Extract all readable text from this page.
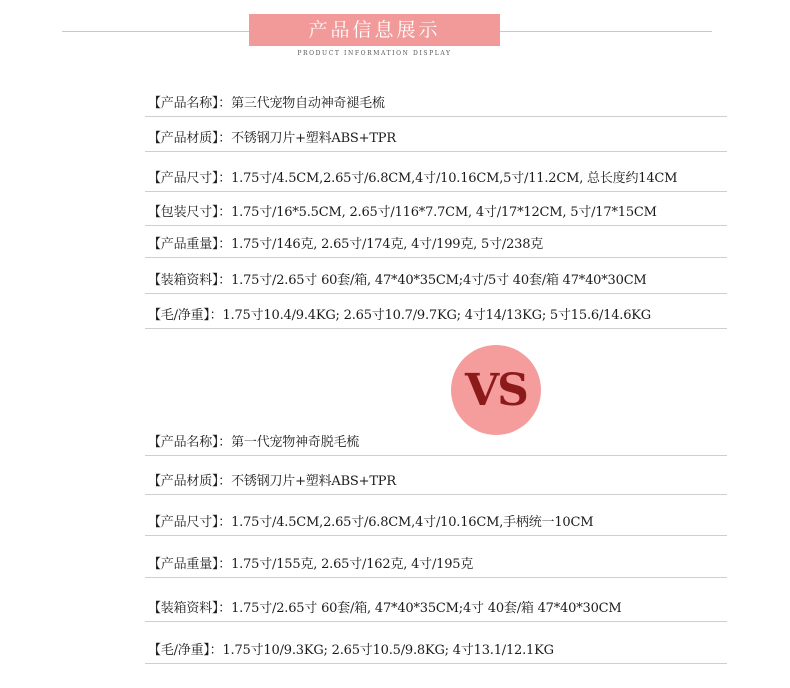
产品信息展示
PRODUCT INFORMATION DISPLAY
【产品名称】：第三代宠物自动神奇褪毛梳
【产品材质】：不锈钢刀片+塑料ABS+TPR
【产品尺寸】：1.75寸/4.5CM,2.65寸/6.8CM,4寸/10.16CM,5寸/11.2CM, 总长度约14CM
【包装尺寸】：1.75寸/16*5.5CM, 2.65寸/116*7.7CM, 4寸/17*12CM, 5寸/17*15CM
【产品重量】：1.75寸/146克, 2.65寸/174克, 4寸/199克, 5寸/238克
【装箱资料】：1.75寸/2.65寸 60套/箱, 47*40*35CM;4寸/5寸 40套/箱 47*40*30CM
【毛/净重】：1.75寸10.4/9.4KG; 2.65寸10.7/9.7KG; 4寸14/13KG; 5寸15.6/14.6KG
VS
【产品名称】：第一代宠物神奇脱毛梳
【产品材质】：不锈钢刀片+塑料ABS+TPR
【产品尺寸】：1.75寸/4.5CM,2.65寸/6.8CM,4寸/10.16CM,手柄统一10CM
【产品重量】：1.75寸/155克, 2.65寸/162克, 4寸/195克
【装箱资料】：1.75寸/2.65寸 60套/箱, 47*40*35CM;4寸 40套/箱 47*40*30CM
【毛/净重】：1.75寸10/9.3KG; 2.65寸10.5/9.8KG; 4寸13.1/12.1KG
